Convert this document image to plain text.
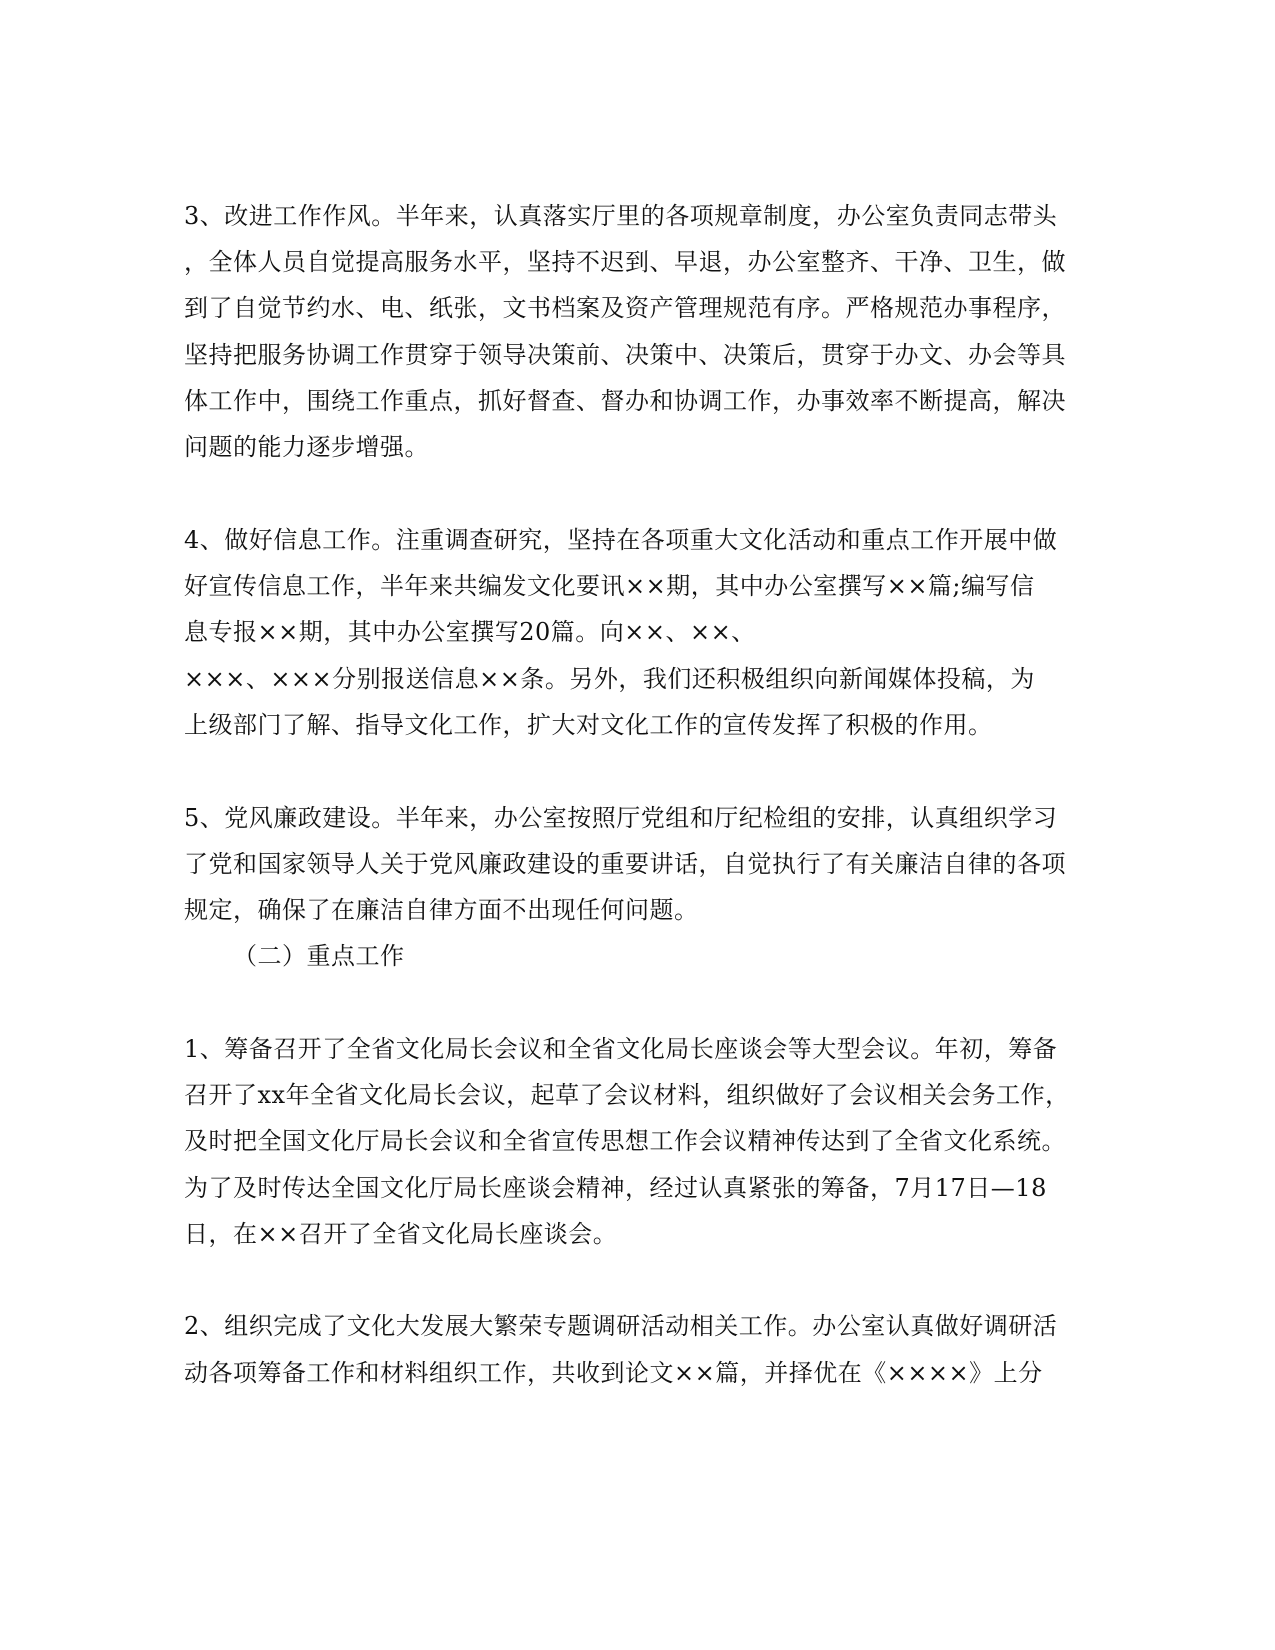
3、改进工作作风。半年来，认真落实厅里的各项规章制度，办公室负责同志带头
，全体人员自觉提高服务水平，坚持不迟到、早退，办公室整齐、干净、卫生，做
到了自觉节约水、电、纸张，文书档案及资产管理规范有序。严格规范办事程序，
坚持把服务协调工作贯穿于领导决策前、决策中、决策后，贯穿于办文、办会等具
体工作中，围绕工作重点，抓好督查、督办和协调工作，办事效率不断提高，解决
问题的能力逐步增强。
4、做好信息工作。注重调查研究，坚持在各项重大文化活动和重点工作开展中做
好宣传信息工作，半年来共编发文化要讯××期，其中办公室撰写××篇;编写信
息专报××期，其中办公室撰写20篇。向××、××、
×××、×××分别报送信息××条。另外，我们还积极组织向新闻媒体投稿，为
上级部门了解、指导文化工作，扩大对文化工作的宣传发挥了积极的作用。
5、党风廉政建设。半年来，办公室按照厅党组和厅纪检组的安排，认真组织学习
了党和国家领导人关于党风廉政建设的重要讲话，自觉执行了有关廉洁自律的各项
规定，确保了在廉洁自律方面不出现任何问题。
（二）重点工作
1、筹备召开了全省文化局长会议和全省文化局长座谈会等大型会议。年初，筹备
召开了xx年全省文化局长会议，起草了会议材料，组织做好了会议相关会务工作，
及时把全国文化厅局长会议和全省宣传思想工作会议精神传达到了全省文化系统。
为了及时传达全国文化厅局长座谈会精神，经过认真紧张的筹备，7月17日—18
日，在××召开了全省文化局长座谈会。
2、组织完成了文化大发展大繁荣专题调研活动相关工作。办公室认真做好调研活
动各项筹备工作和材料组织工作，共收到论文××篇，并择优在《××××》上分
